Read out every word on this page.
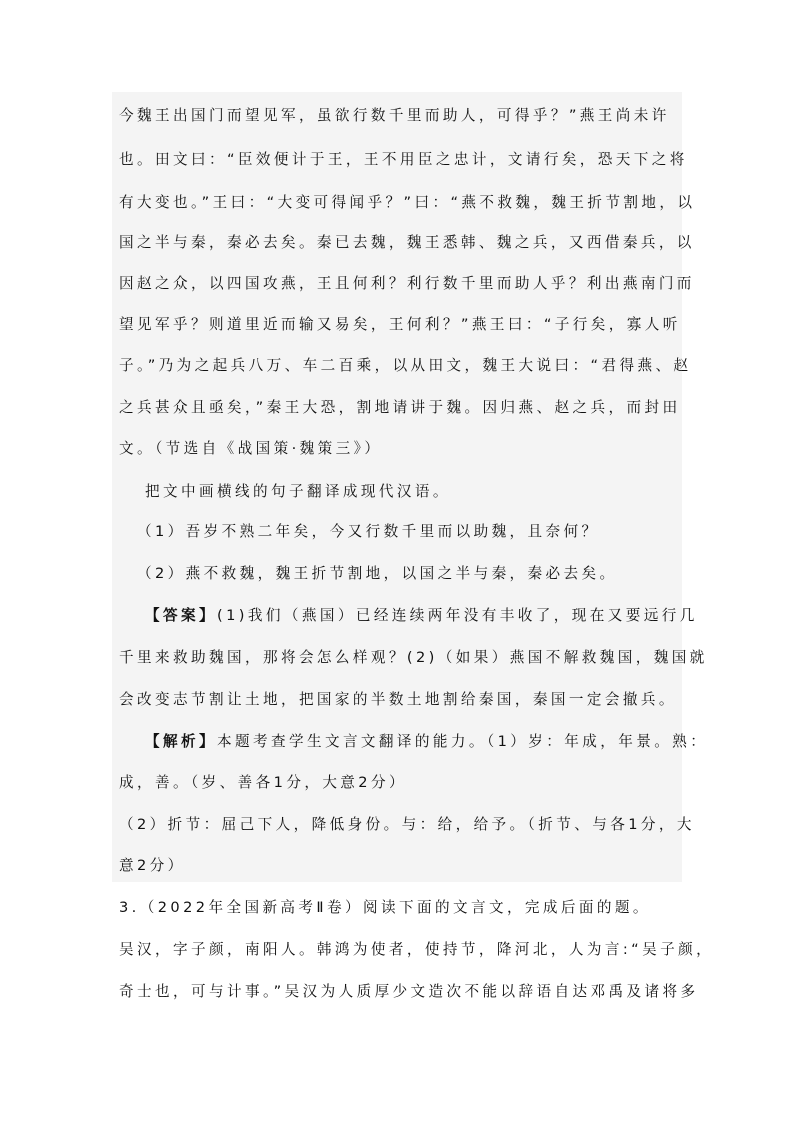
今魏王出国门而望见军，虽欲行数千里而助人，可得乎？”燕王尚未许
也。田文曰：“臣效便计于王，王不用臣之忠计，文请行矣，恐天下之将
有大变也。”王曰：“大变可得闻乎？”曰：“燕不救魏，魏王折节割地，以
国之半与秦，秦必去矣。秦已去魏，魏王悉韩、魏之兵，又西借秦兵，以
因赵之众，以四国攻燕，王且何利？利行数千里而助人乎？利出燕南门而
望见军乎？则道里近而输又易矣，王何利？”燕王曰：“子行矣，寡人听
子。”乃为之起兵八万、车二百乘，以从田文，魏王大说曰：“君得燕、赵
之兵甚众且亟矣，”秦王大恐，割地请讲于魏。因归燕、赵之兵，而封田
文。（节选自《战国策·魏策三》）
把文中画横线的句子翻译成现代汉语。
（1）吾岁不熟二年矣，今又行数千里而以助魏，且奈何？
（2）燕不救魏，魏王折节割地，以国之半与秦，秦必去矣。
【答案】(1)我们（燕国）已经连续两年没有丰收了，现在又要远行几
千里来救助魏国，那将会怎么样观？(2)（如果）燕国不解救魏国，魏国就
会改变志节割让土地，把国家的半数土地割给秦国，秦国一定会撤兵。
【解析】本题考查学生文言文翻译的能力。（1）岁：年成，年景。熟：
成，善。（岁、善各1分，大意2分）
（2）折节：屈己下人，降低身份。与：给，给予。（折节、与各1分，大
意2分）
3.（2022年全国新高考Ⅱ卷）阅读下面的文言文，完成后面的题。
吴汉，字子颜，南阳人。韩鸿为使者，使持节，降河北，人为言:“吴子颜，
奇士也，可与计事。”吴汉为人质厚少文造次不能以辞语自达邓禹及诸将多
